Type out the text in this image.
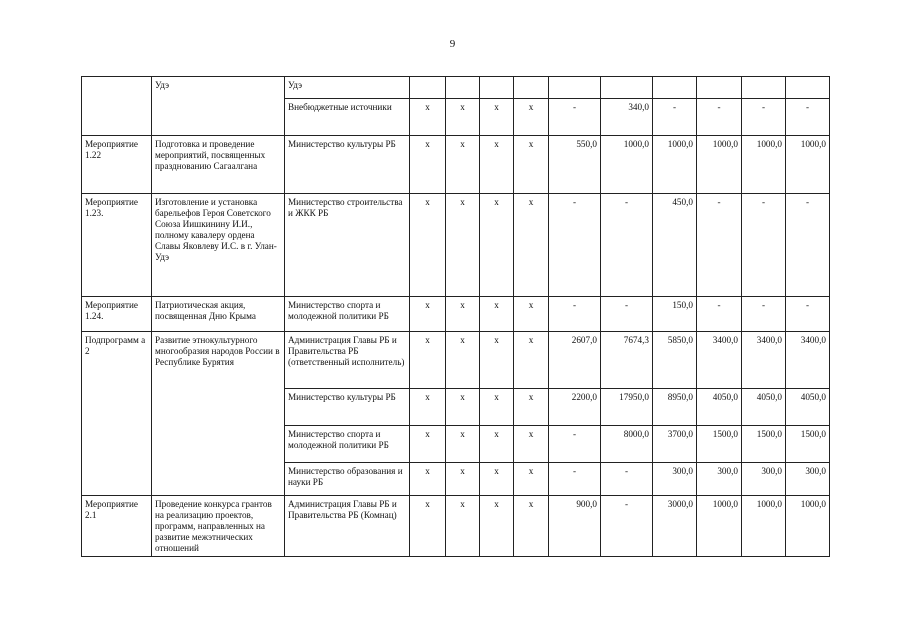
9
	Удэ	Удэ										
		Внебюджетные источники	x	x	x	x	-	340,0	-	-	-	-
Мероприятие 1.22	Подготовка и проведение мероприятий, посвященных празднованию Сагаалгана	Министерство культуры РБ	x	x	x	x	550,0	1000,0	1000,0	1000,0	1000,0	1000,0
Мероприятие 1.23.	Изготовление и установка барельефов Героя Советского Союза Иишкинину И.И., полному кавалеру ордена Славы Яковлеву И.С. в г. Улан-Удэ	Министерство строительства и ЖКК РБ	x	x	x	x	-	-	450,0	-	-	-
Мероприятие 1.24.	Патриотическая акция, посвященная Дню Крыма	Министерство спорта и молодежной политики РБ	x	x	x	x	-	-	150,0	-	-	-
Подпрограмм а 2	Развитие этнокультурного многообразия народов России в Республике Бурятия	Администрация Главы РБ и Правительства РБ (ответственный исполнитель)	x	x	x	x	2607,0	7674,3	5850,0	3400,0	3400,0	3400,0
		Министерство культуры РБ	x	x	x	x	2200,0	17950,0	8950,0	4050,0	4050,0	4050,0
		Министерство спорта и молодежной политики РБ	x	x	x	x	-	8000,0	3700,0	1500,0	1500,0	1500,0
		Министерство образования и науки РБ	x	x	x	x	-	-	300,0	300,0	300,0	300,0
Мероприятие 2.1	Проведение конкурса грантов на реализацию проектов, программ, направленных на развитие межэтнических отношений	Администрация Главы РБ и Правительства РБ (Комнац)	x	x	x	x	900,0	-	3000,0	1000,0	1000,0	1000,0
